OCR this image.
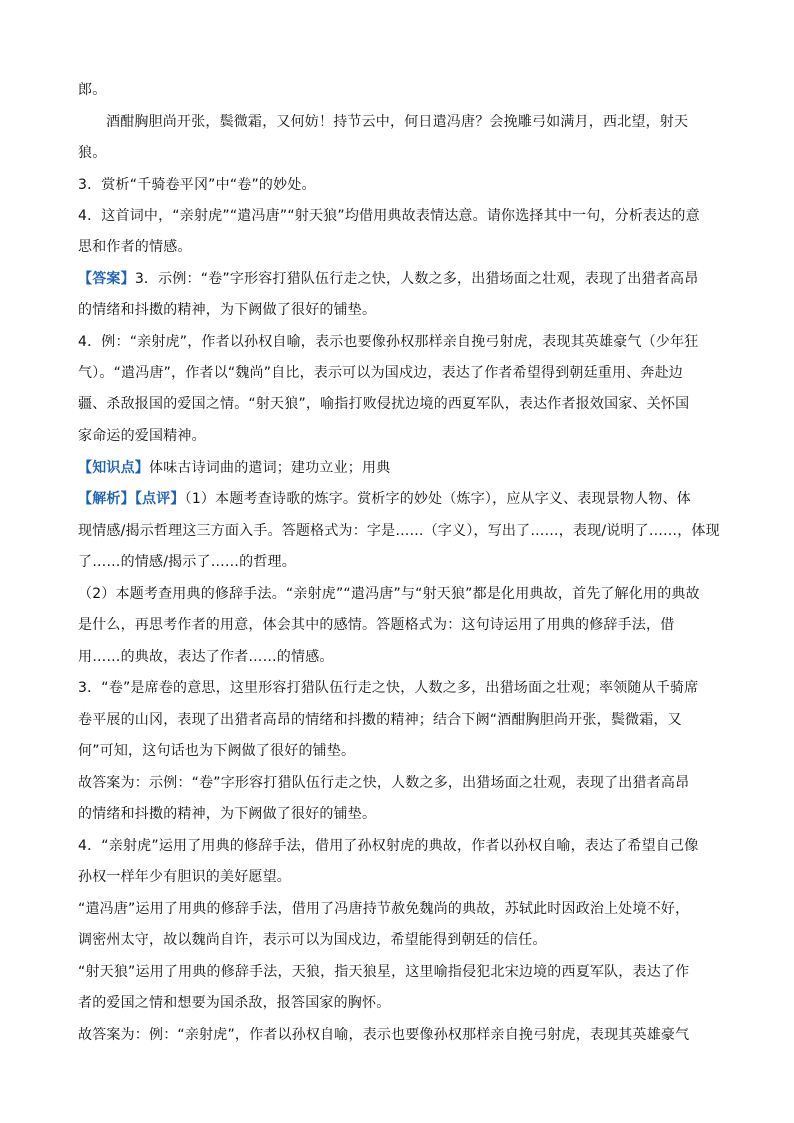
郎。
酒酣胸胆尚开张，鬓微霜，又何妨！持节云中，何日遣冯唐？会挽雕弓如满月，西北望，射天
狼。
3．赏析“千骑卷平冈”中“卷”的妙处。
4．这首词中，“亲射虎”“遣冯唐”“射天狼”均借用典故表情达意。请你选择其中一句，分析表达的意
思和作者的情感。
【答案】3．示例：“卷”字形容打猎队伍行走之快，人数之多，出猎场面之壮观，表现了出猎者高昂
的情绪和抖擞的精神，为下阙做了很好的铺垫。
4．例：“亲射虎”，作者以孙权自喻，表示也要像孙权那样亲自挽弓射虎，表现其英雄豪气（少年狂
气）。“遣冯唐”，作者以“魏尚”自比，表示可以为国戍边，表达了作者希望得到朝廷重用、奔赴边
疆、杀敌报国的爱国之情。“射天狼”，喻指打败侵扰边境的西夏军队，表达作者报效国家、关怀国
家命运的爱国精神。
【知识点】体味古诗词曲的遣词；建功立业；用典
【解析】【点评】（1）本题考查诗歌的炼字。赏析字的妙处（炼字），应从字义、表现景物人物、体
现情感/揭示哲理这三方面入手。答题格式为：字是……（字义），写出了……，表现/说明了……，体现
了……的情感/揭示了……的哲理。
（2）本题考查用典的修辞手法。“亲射虎”“遣冯唐”与“射天狼”都是化用典故，首先了解化用的典故
是什么，再思考作者的用意，体会其中的感情。答题格式为：这句诗运用了用典的修辞手法，借
用……的典故，表达了作者……的情感。
3．“卷”是席卷的意思，这里形容打猎队伍行走之快，人数之多，出猎场面之壮观；率领随从千骑席
卷平展的山冈，表现了出猎者高昂的情绪和抖擞的精神；结合下阙“酒酣胸胆尚开张，鬓微霜，又
何”可知，这句话也为下阙做了很好的铺垫。
故答案为：示例：“卷”字形容打猎队伍行走之快，人数之多，出猎场面之壮观，表现了出猎者高昂
的情绪和抖擞的精神，为下阙做了很好的铺垫。
4．“亲射虎”运用了用典的修辞手法，借用了孙权射虎的典故，作者以孙权自喻，表达了希望自己像
孙权一样年少有胆识的美好愿望。
“遣冯唐”运用了用典的修辞手法，借用了冯唐持节赦免魏尚的典故，苏轼此时因政治上处境不好，
调密州太守，故以魏尚自许，表示可以为国戍边，希望能得到朝廷的信任。
“射天狼”运用了用典的修辞手法，天狼，指天狼星，这里喻指侵犯北宋边境的西夏军队，表达了作
者的爱国之情和想要为国杀敌，报答国家的胸怀。
故答案为：例：“亲射虎”，作者以孙权自喻，表示也要像孙权那样亲自挽弓射虎，表现其英雄豪气
